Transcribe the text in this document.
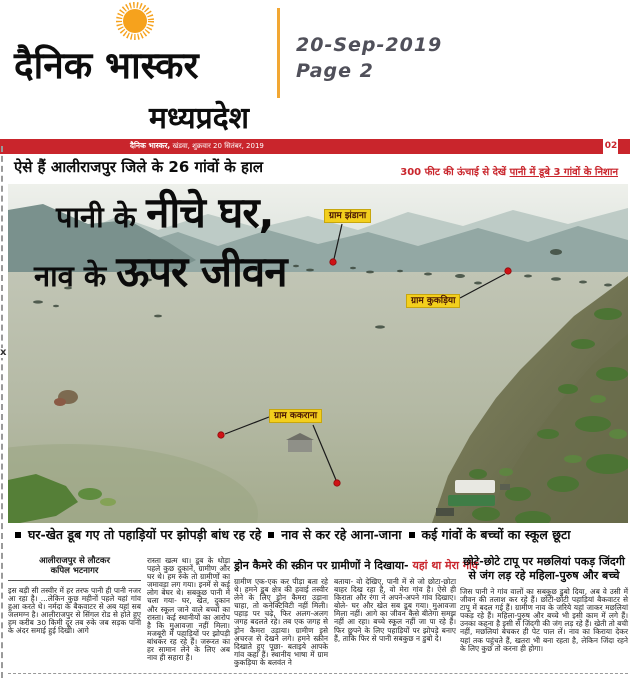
दैनिक भास्कर	20-Sep-2019
Page 2
मध्यप्रदेश
दैनिक भास्कर, खंडवा, शुक्रवार 20 सितंबर, 2019	02
ऐसे हैं आलीराजपुर जिले के 26 गांवों के हाल	300 फीट की ऊंचाई से देखें पानी में डूबे 3 गांवों के निशान
पानी के नीचे घर,
नाव के ऊपर जीवन
ग्राम झंडाना
ग्राम कुकड़िया
ग्राम ककराना
घर-खेत डूब गए तो पहाड़ियों पर झोपड़ी बांध रह रहे नाव से कर रहे आना-जाना कई गांवों के बच्चों का स्कूल छूटा
आलीराजपुर से लौटकर
कपिल भटनागर
इस बड़ी सी तस्वीर में हर तरफ पानी ही पानी नजर आ रहा है। ...लेकिन कुछ महीनों पहले यहां गांव हुआ करते थे। नर्मदा के बैकवाटर से अब यहां सब जलमग्न है। आलीराजपुर से सिंगल रोड से होते हुए हम करीब 30 किमी दूर तब रुके जब सड़क पानी के अंदर समाई हुई दिखी। आगे
रास्ता खत्म था। डूब के थोड़ा पहले कुछ दुकानें, ग्रामीण और घर थे। हम रुके तो ग्रामीणों का जमावड़ा लग गया। इनमें से कई लोग बेघर थे। सबकुछ पानी में चला गया- घर, खेत, दुकान और स्कूल जाने वाले बच्चों का रास्ता। कई स्थानीयों का आरोप है कि मुआवजा नहीं मिला। मजबूरी में पहाड़ियों पर झोपड़ी बांधकर रह रहे हैं। जरूरत का हर सामान लेने के लिए अब नाव ही सहारा है।
ड्रोन कैमरे की स्क्रीन पर ग्रामीणों ने दिखाया- यहां था मेरा गांव
ग्रामीण एक-एक कर पीड़ा बता रहे थे। हमने डूब क्षेत्र की हवाई तस्वीर लेने के लिए ड्रोन कैमरा उड़ाना चाहा, तो कनेक्टिविटी नहीं मिली। पहाड़ पर चढ़े, फिर अलग-अलग जगह बदलते रहे। तब एक जगह से ड्रोन कैमरा उड़ाया। ग्रामीण इसे अचरज से देखने लगे। हमने स्क्रीन दिखाते हुए पूछा- बताइये आपके गांव कहां हैं। स्थानीय भाषा में ग्राम कुकड़िया के बलवंत ने
बताया- वो देखिए, पानी में से जो छोटा-छोटा बाहर दिख रहा है, वो मेरा गांव है। ऐसे ही किराता और रंगा ने अपने-अपने गांव दिखाए। बोले- घर और खेत सब डूब गया। मुआवजा मिला नहीं। आगे का जीवन कैसे बीतेगा समझ नहीं आ रहा। बच्चे स्कूल नहीं जा पा रहे हैं। फिर छुपने के लिए पहाड़ियों पर झोपड़े बनाए हैं, ताकि फिर से पानी सबकुछ न डुबो दे।
छोटे-छोटे टापू पर मछलियां पकड़ जिंदगी से जंग लड़ रहे महिला-पुरुष और बच्चे
जिस पानी ने गांव वालों का सबकुछ डुबो दिया, अब वे उसी में जीवन की तलाश कर रहे हैं। छोटी-छोटी पहाड़ियां बैकवाटर से टापू में बदल गई हैं। ग्रामीण नाव के जरिये यहां जाकर मछलियां पकड़ रहे हैं। महिला-पुरुष और बच्चे भी इसी काम में लगे हैं। उनका कहना है इसी से जिंदगी की जंग लड़ रहे हैं। खेती तो बची नहीं, मछलियां बेचकर ही पेट पाल लें। नाव का किराया देकर यहां तक पहुंचते हैं, खतरा भी बना रहता है, लेकिन जिंदा रहने के लिए कुछ तो करना ही होगा।
x
